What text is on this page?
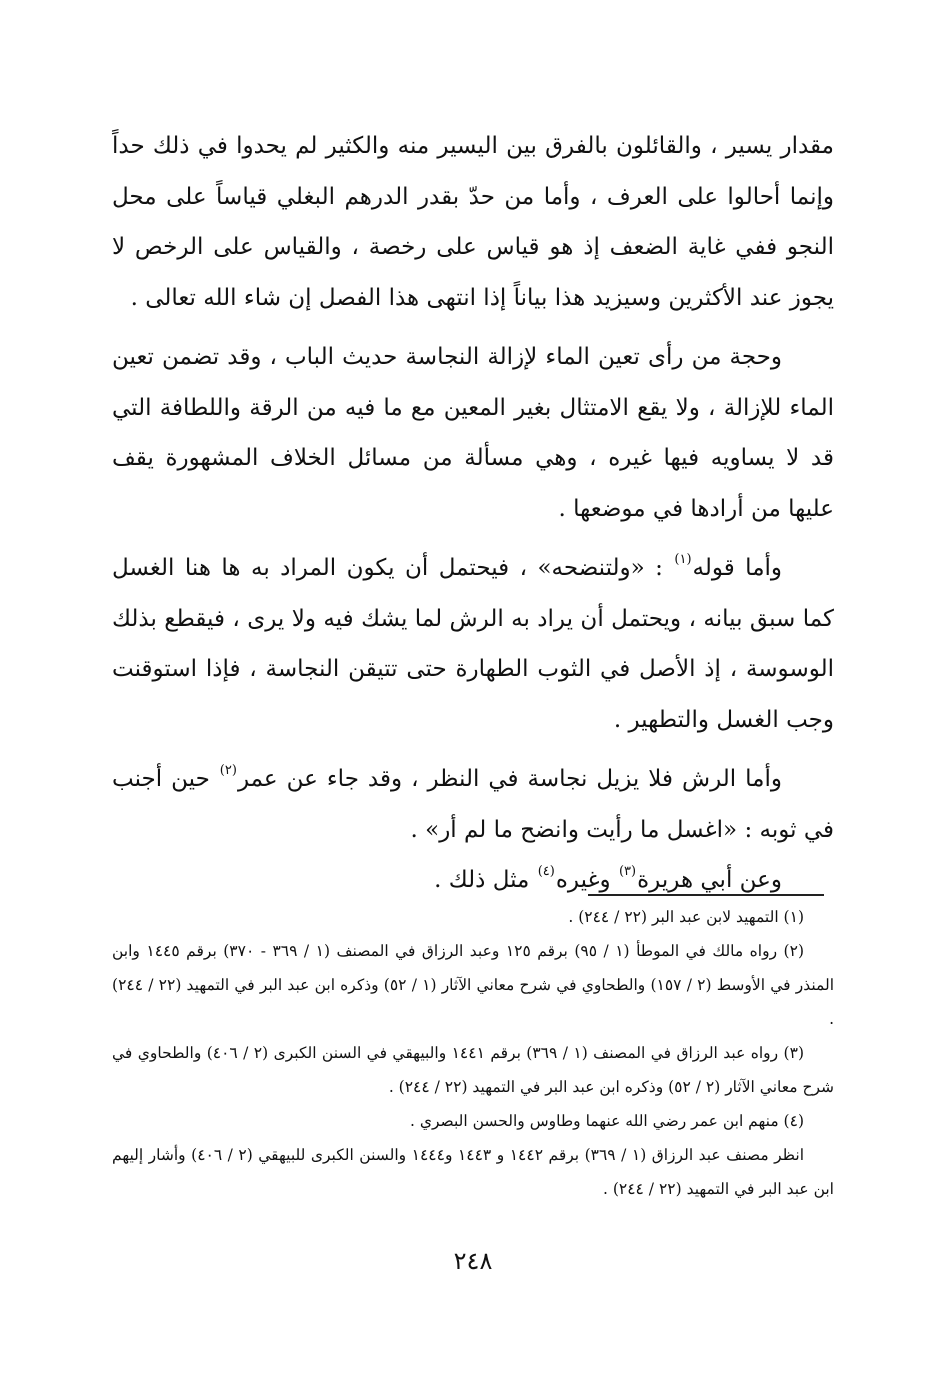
مقدار يسير ، والقائلون بالفرق بين اليسير منه والكثير لم يحدوا في ذلك حداً وإنما أحالوا على العرف ، وأما من حدّ بقدر الدرهم البغلي قياساً على محل النجو ففي غاية الضعف إذ هو قياس على رخصة ، والقياس على الرخص لا يجوز عند الأكثرين وسيزيد هذا بياناً إذا انتهى هذا الفصل إن شاء الله تعالى .

وحجة من رأى تعين الماء لإزالة النجاسة حديث الباب ، وقد تضمن تعين الماء للإزالة ، ولا يقع الامتثال بغير المعين مع ما فيه من الرقة واللطافة التي قد لا يساويه فيها غيره ، وهي مسألة من مسائل الخلاف المشهورة يقف عليها من أرادها في موضعها .

وأما قوله$^{(١)}$ : «ولتنضحه» ، فيحتمل أن يكون المراد به ها هنا الغسل كما سبق بيانه ، ويحتمل أن يراد به الرش لما يشك فيه ولا يرى ، فيقطع بذلك الوسوسة ، إذ الأصل في الثوب الطهارة حتى تتيقن النجاسة ، فإذا استوقنت وجب الغسل والتطهير .

وأما الرش فلا يزيل نجاسة في النظر ، وقد جاء عن عمر$^{(٢)}$ حين أجنب في ثوبه : «اغسل ما رأيت وانضح ما لم أر» .

وعن أبي هريرة$^{(٣)}$ وغيره$^{(٤)}$ مثل ذلك .

(١) التمهيد لابن عبد البر (٢٢ / ٢٤٤) .

(٢) رواه مالك في الموطأ (١ / ٩٥) برقم ١٢٥ وعبد الرزاق في المصنف (١ / ٣٦٩ - ٣٧٠) برقم ١٤٤٥ وابن المنذر في الأوسط (٢ / ١٥٧) والطحاوي في شرح معاني الآثار (١ / ٥٢) وذكره ابن عبد البر في التمهيد (٢٢ / ٢٤٤) .

(٣) رواه عبد الرزاق في المصنف (١ / ٣٦٩) برقم ١٤٤١ والبيهقي في السنن الكبرى (٢ / ٤٠٦) والطحاوي في شرح معاني الآثار (٢ / ٥٢) وذكره ابن عبد البر في التمهيد (٢٢ / ٢٤٤) .

(٤) منهم ابن عمر رضي الله عنهما وطاوس والحسن البصري .

انظر مصنف عبد الرزاق (١ / ٣٦٩) برقم ١٤٤٢ و ١٤٤٣ و١٤٤٤ والسنن الكبرى للبيهقي (٢ / ٤٠٦) وأشار إليهم ابن عبد البر في التمهيد (٢٢ / ٢٤٤) .

٢٤٨
